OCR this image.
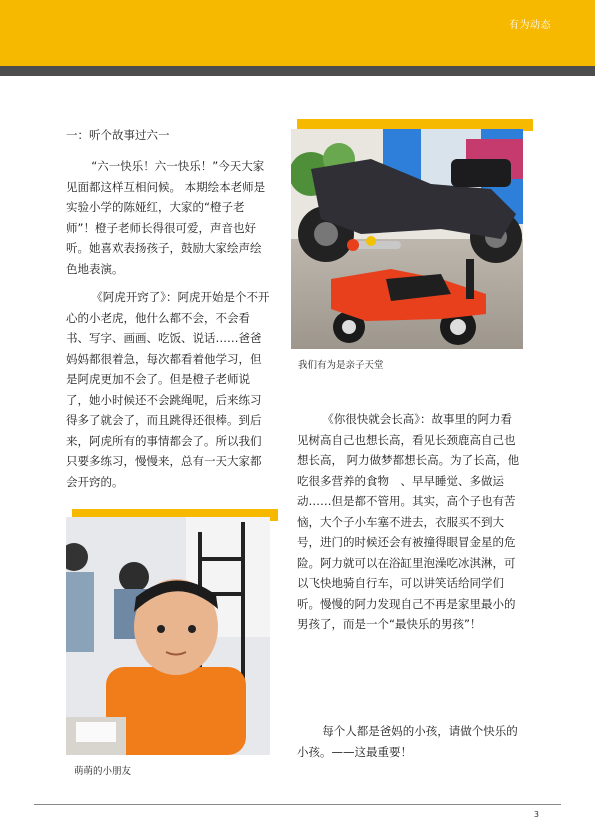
有为动态
一：听个故事过六一

“六一快乐！六一快乐！”今天大家见面都这样互相问候。 本期绘本老师是实验小学的陈娅红，大家的“橙子老师”！橙子老师长得很可爱，声音也好听。她喜欢表扬孩子，鼓励大家绘声绘色地表演。

《阿虎开窍了》：阿虎开始是个不开心的小老虎，他什么都不会，不会看书、写字、画画、吃饭、说话……爸爸妈妈都很着急，每次都看着他学习，但是阿虎更加不会了。但是橙子老师说了，她小时候还不会跳绳呢，后来练习得多了就会了，而且跳得还很棒。到后来，阿虎所有的事情都会了。所以我们只要多练习，慢慢来，总有一天大家都会开窍的。

我们有为是亲子天堂

《你很快就会长高》：故事里的阿力看见树高自己也想长高，看见长颈鹿高自己也想长高， 阿力做梦都想长高。为了长高，他吃很多营养的食物　、早早睡觉、多做运动……但是都不管用。其实，高个子也有苦恼，大个子小车塞不进去，衣服买不到大号，进门的时候还会有被撞得眼冒金星的危险。阿力就可以在浴缸里泡澡吃冰淇淋，可以飞快地骑自行车，可以讲笑话给同学们听。慢慢的阿力发现自己不再是家里最小的男孩了，而是一个“最快乐的男孩”！

每个人都是爸妈的小孩，请做个快乐的小孩。——这最重要！

萌萌的小朋友
3
